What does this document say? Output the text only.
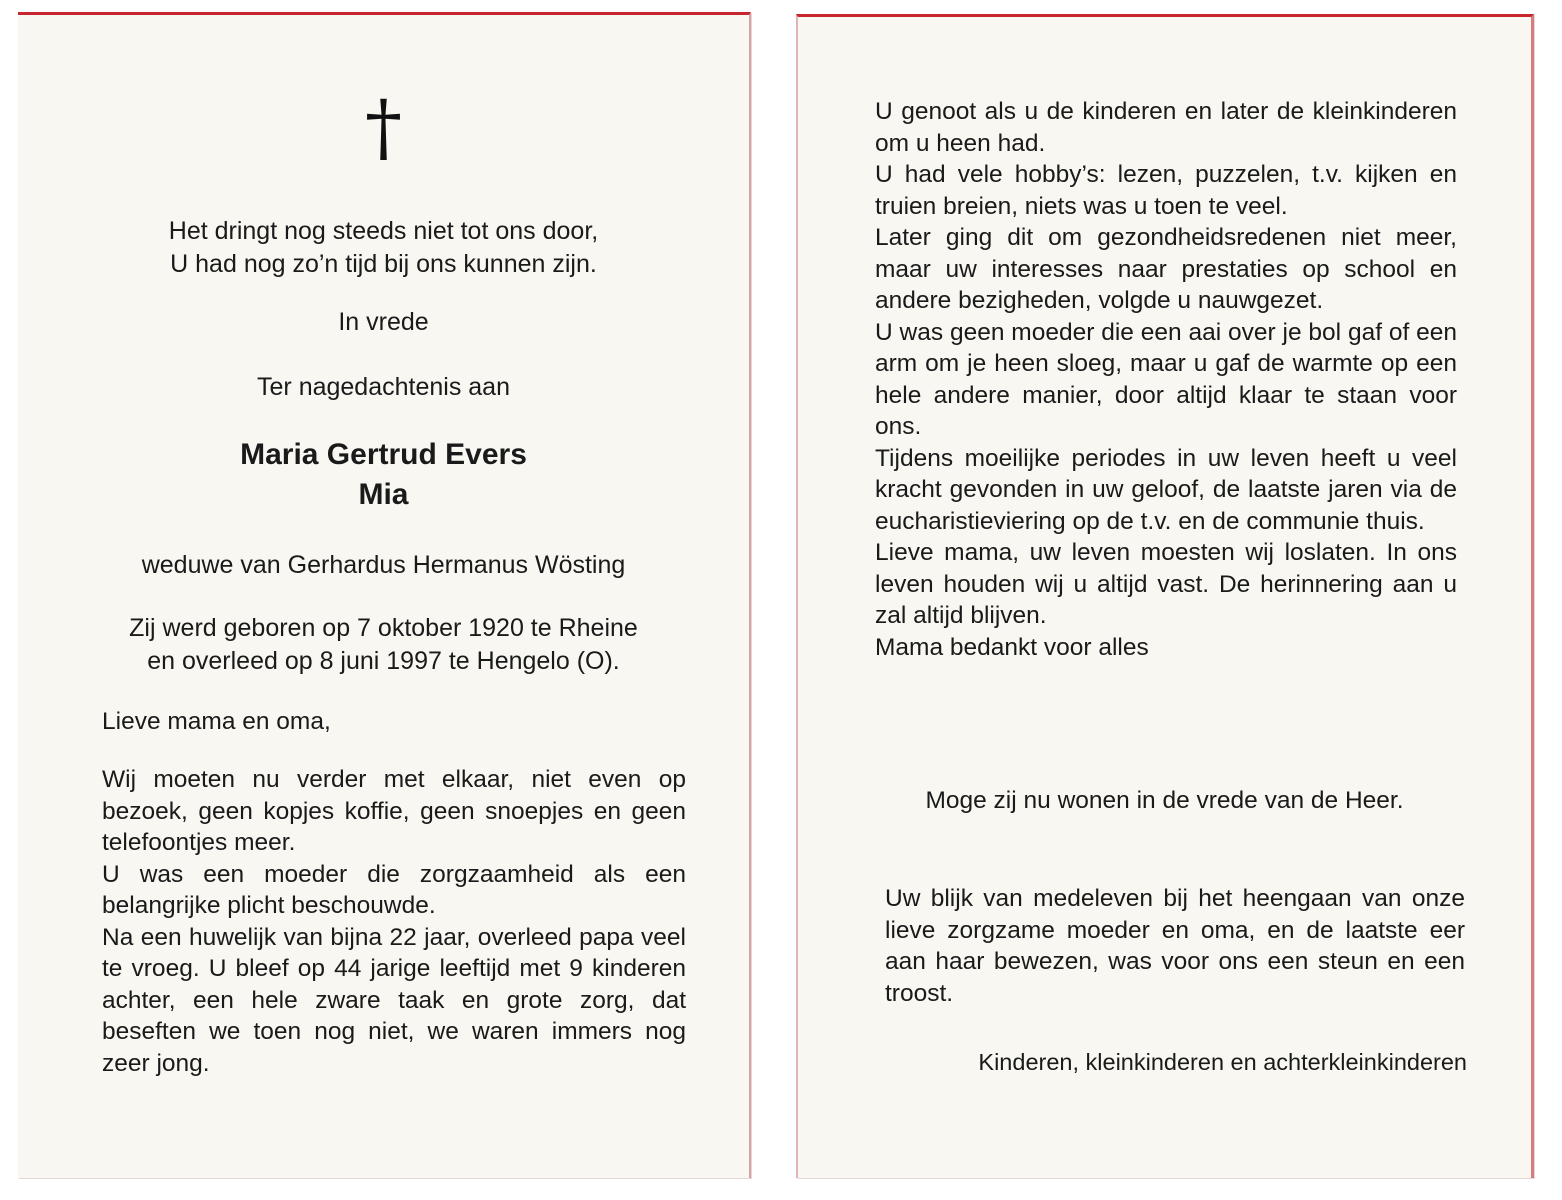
†
Het dringt nog steeds niet tot ons door,
U had nog zo’n tijd bij ons kunnen zijn.
In vrede
Ter nagedachtenis aan
Maria Gertrud Evers
Mia
weduwe van Gerhardus Hermanus Wösting
Zij werd geboren op 7 oktober 1920 te Rheine
en overleed op 8 juni 1997 te Hengelo (O).
Lieve mama en oma,

Wij moeten nu verder met elkaar, niet even op bezoek, geen kopjes koffie, geen snoepjes en geen telefoontjes meer.

U was een moeder die zorgzaamheid als een belangrijke plicht beschouwde.

Na een huwelijk van bijna 22 jaar, overleed papa veel te vroeg. U bleef op 44 jarige leeftijd met 9 kinderen achter, een hele zware taak en grote zorg, dat beseften we toen nog niet, we waren immers nog zeer jong.

U genoot als u de kinderen en later de kleinkinderen om u heen had.

U had vele hobby’s: lezen, puzzelen, t.v. kijken en truien breien, niets was u toen te veel.

Later ging dit om gezondheidsredenen niet meer, maar uw interesses naar prestaties op school en andere bezigheden, volgde u nauwgezet.

U was geen moeder die een aai over je bol gaf of een arm om je heen sloeg, maar u gaf de warmte op een hele andere manier, door altijd klaar te staan voor ons.

Tijdens moeilijke periodes in uw leven heeft u veel kracht gevonden in uw geloof, de laatste jaren via de eucharistieviering op de t.v. en de communie thuis.

Lieve mama, uw leven moesten wij loslaten. In ons leven houden wij u altijd vast. De herinnering aan u zal altijd blijven.

Mama bedankt voor alles

Moge zij nu wonen in de vrede van de Heer.
Uw blijk van medeleven bij het heengaan van onze lieve zorgzame moeder en oma, en de laatste eer aan haar bewezen, was voor ons een steun en een troost.
Kinderen, kleinkinderen en achterkleinkinderen
